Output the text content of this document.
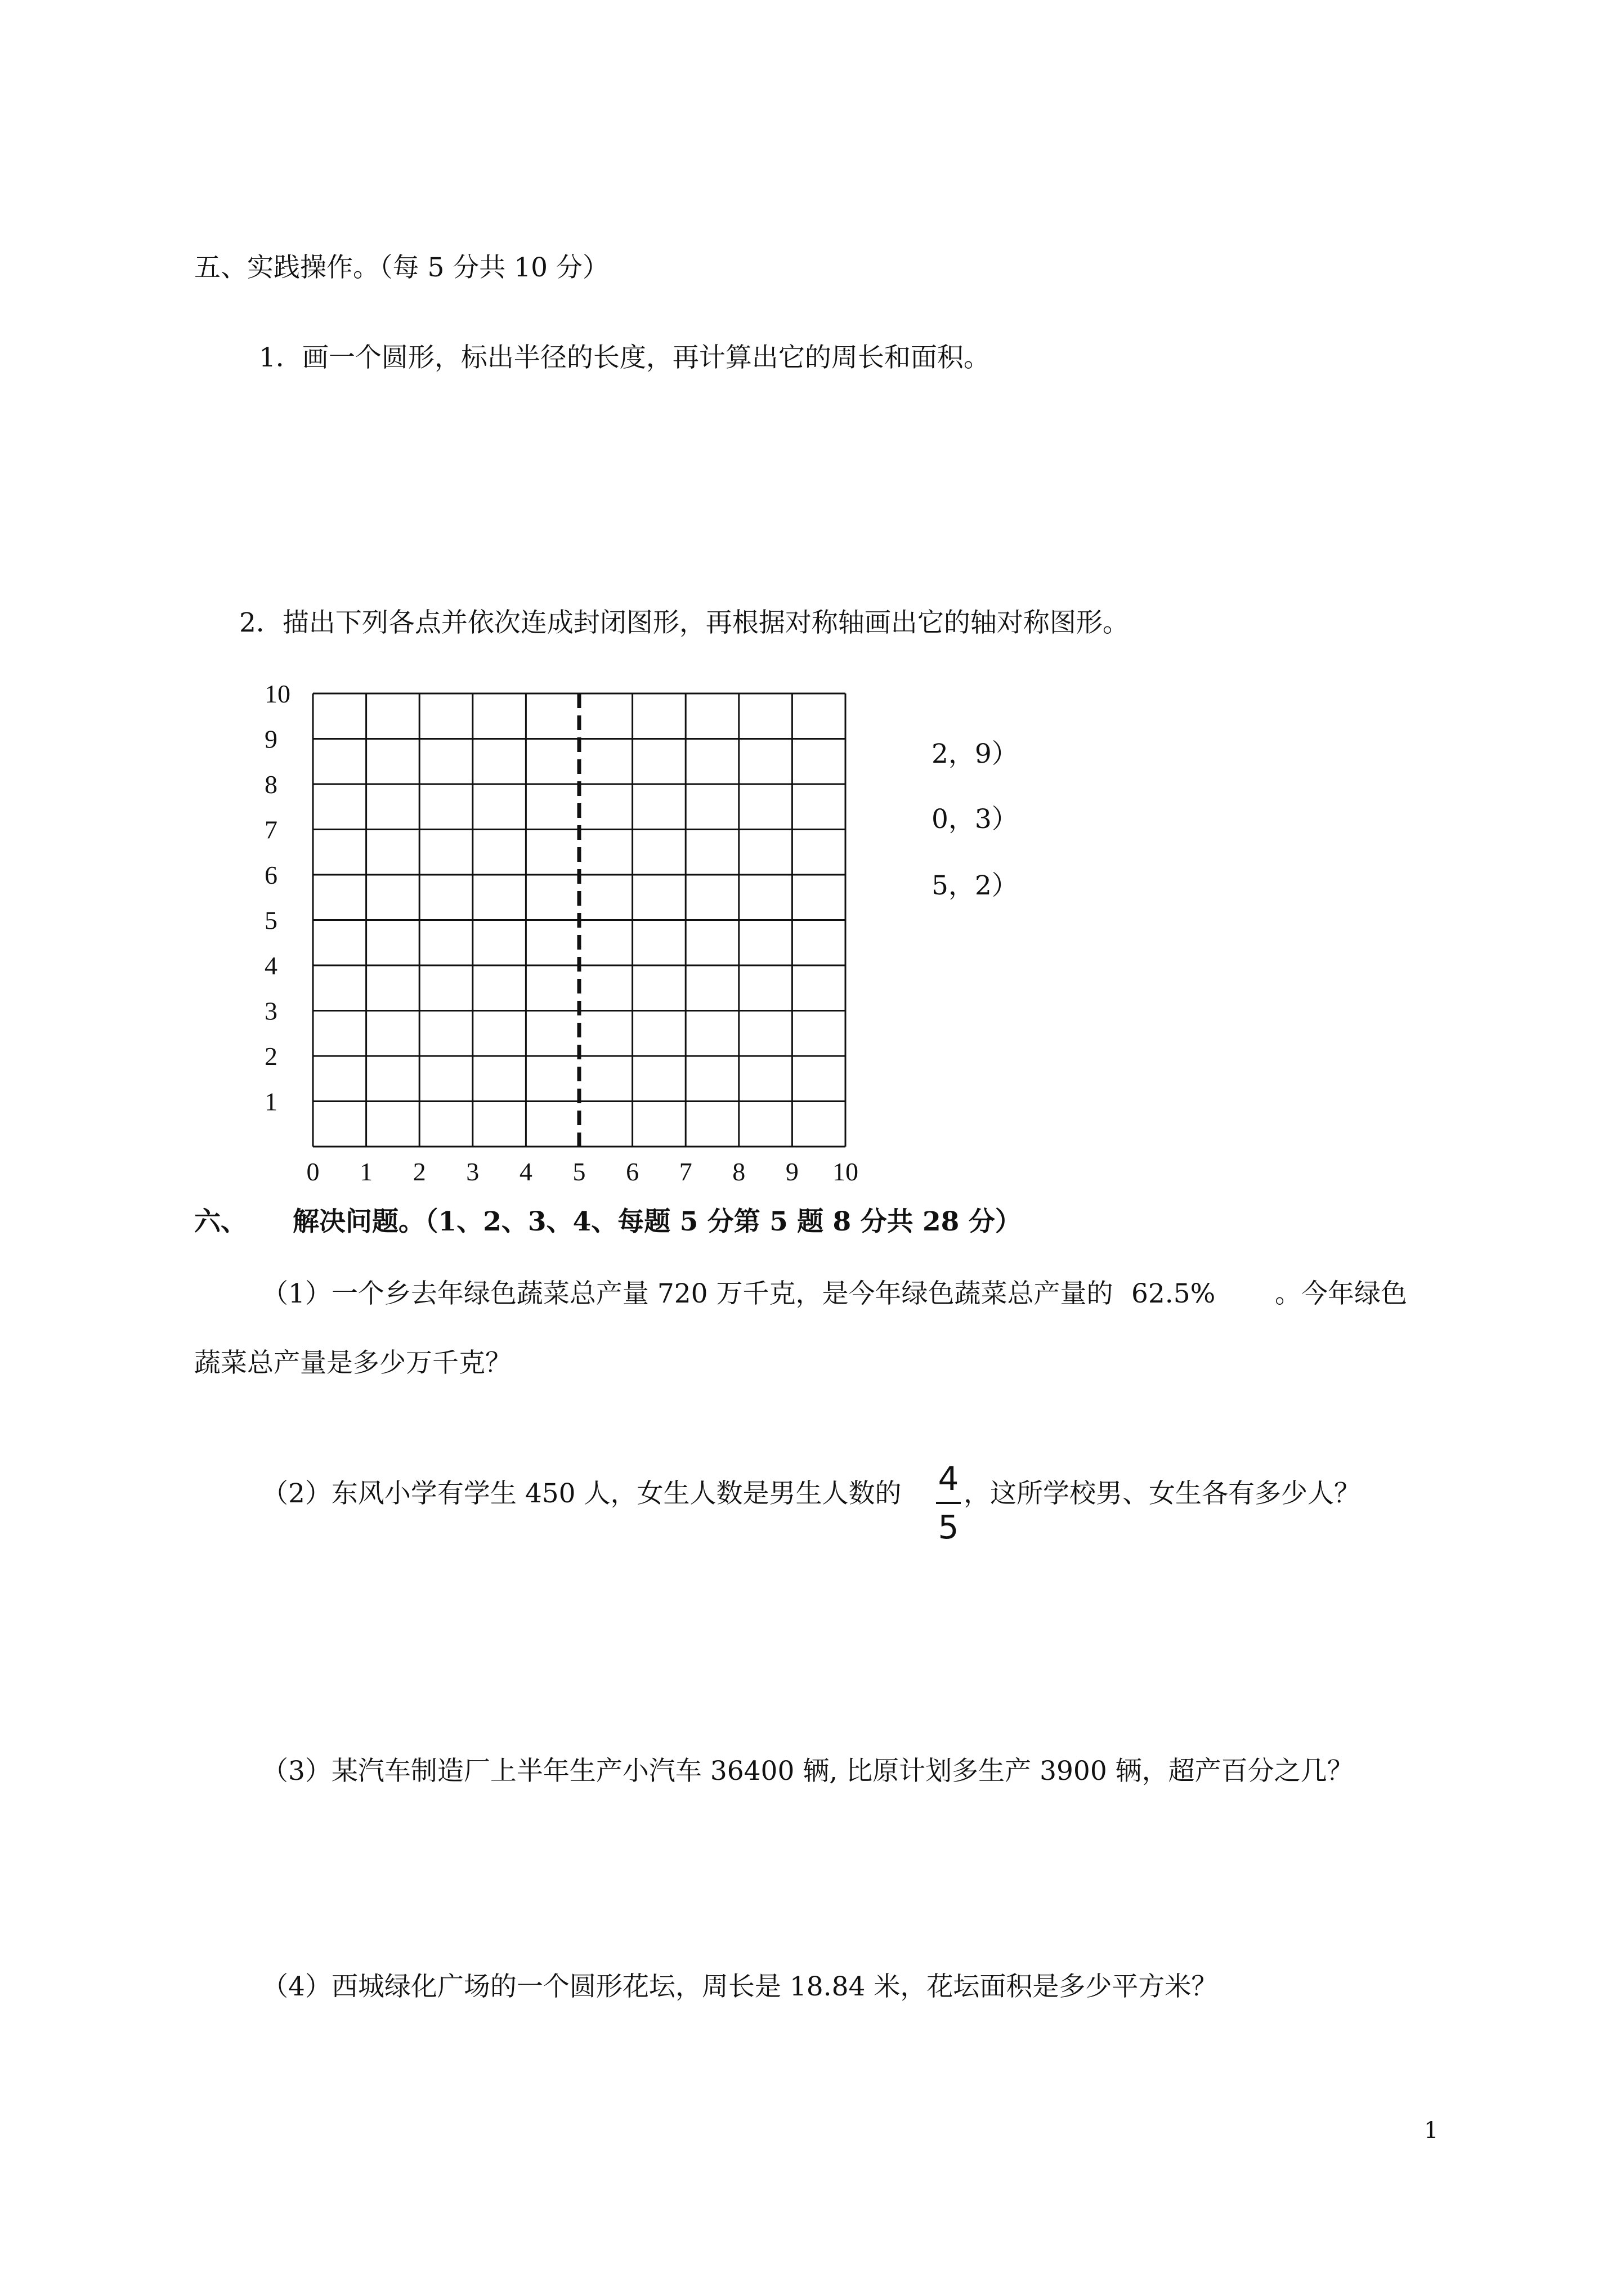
五、实践操作。（每 5 分共 10 分）
1．画一个圆形，标出半径的长度，再计算出它的周长和面积。
2．描出下列各点并依次连成封闭图形，再根据对称轴画出它的轴对称图形。
10
9
8
7
6
5
4
3
2
1
0 1 2 3 4 5 6 7 8 9 10
2，9）
0，3）
5，2）
六、 解决问题。（1、2、3、4、每题 5 分第 5 题 8 分共 28 分）
（1）一个乡去年绿色蔬菜总产量 720 万千克，是今年绿色蔬菜总产量的 62.5% 。今年绿色
蔬菜总产量是多少万千克？
（2）东风小学有学生 450 人，女生人数是男生人数的 4
5
，这所学校男、女生各有多少人？
（3）某汽车制造厂上半年生产小汽车 36400 辆, 比原计划多生产 3900 辆，超产百分之几？
（4）西城绿化广场的一个圆形花坛，周长是 18.84 米，花坛面积是多少平方米？
1
